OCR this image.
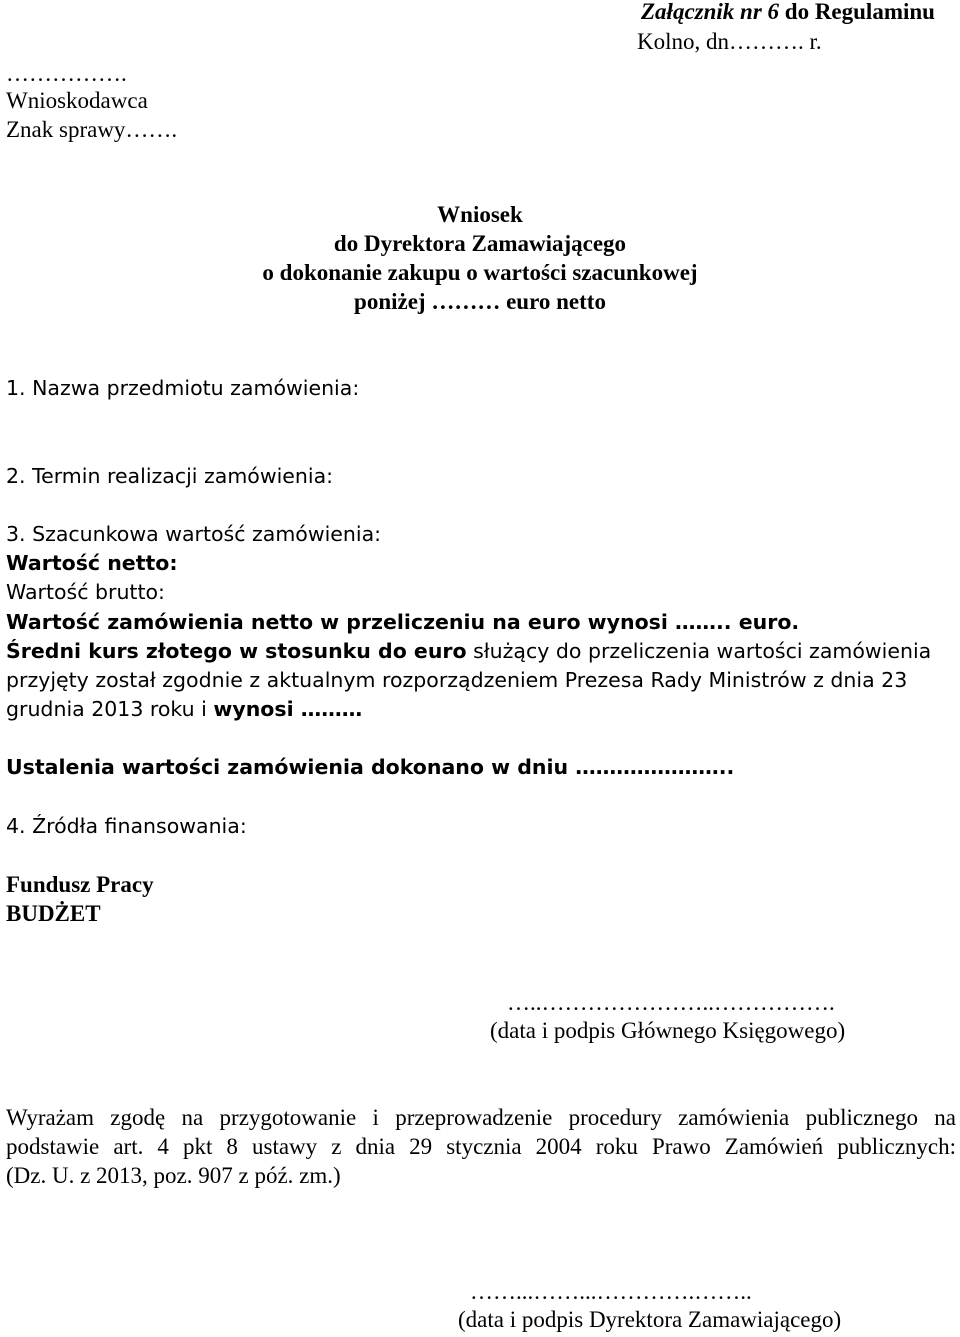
Załącznik nr 6 do Regulaminu
Kolno, dn………. r.
…………….
Wnioskodawca
Znak sprawy…….
Wniosek
do Dyrektora Zamawiającego
o dokonanie zakupu o wartości szacunkowej
poniżej ……… euro netto
1. Nazwa przedmiotu zamówienia:
2. Termin realizacji zamówienia:
3. Szacunkowa wartość zamówienia:
Wartość netto:
Wartość brutto:
Wartość zamówienia netto w przeliczeniu na euro wynosi …….. euro.
Średni kurs złotego w stosunku do euro służący do przeliczenia wartości zamówienia
przyjęty został zgodnie z aktualnym rozporządzeniem Prezesa Rady Ministrów z dnia 23
grudnia 2013 roku i wynosi ………
Ustalenia wartości zamówienia dokonano w dniu …………………..
4. Źródła finansowania:
Fundusz Pracy
BUDŻET
…..…………………..…………….
(data i podpis Głównego Księgowego)
Wyrażam zgodę na przygotowanie i przeprowadzenie procedury zamówienia publicznego na
podstawie art. 4 pkt 8 ustawy z dnia 29 stycznia 2004 roku Prawo Zamówień publicznych:
(Dz. U. z 2013, poz. 907 z póź. zm.)
……...……...………….……..
(data i podpis Dyrektora Zamawiającego)
